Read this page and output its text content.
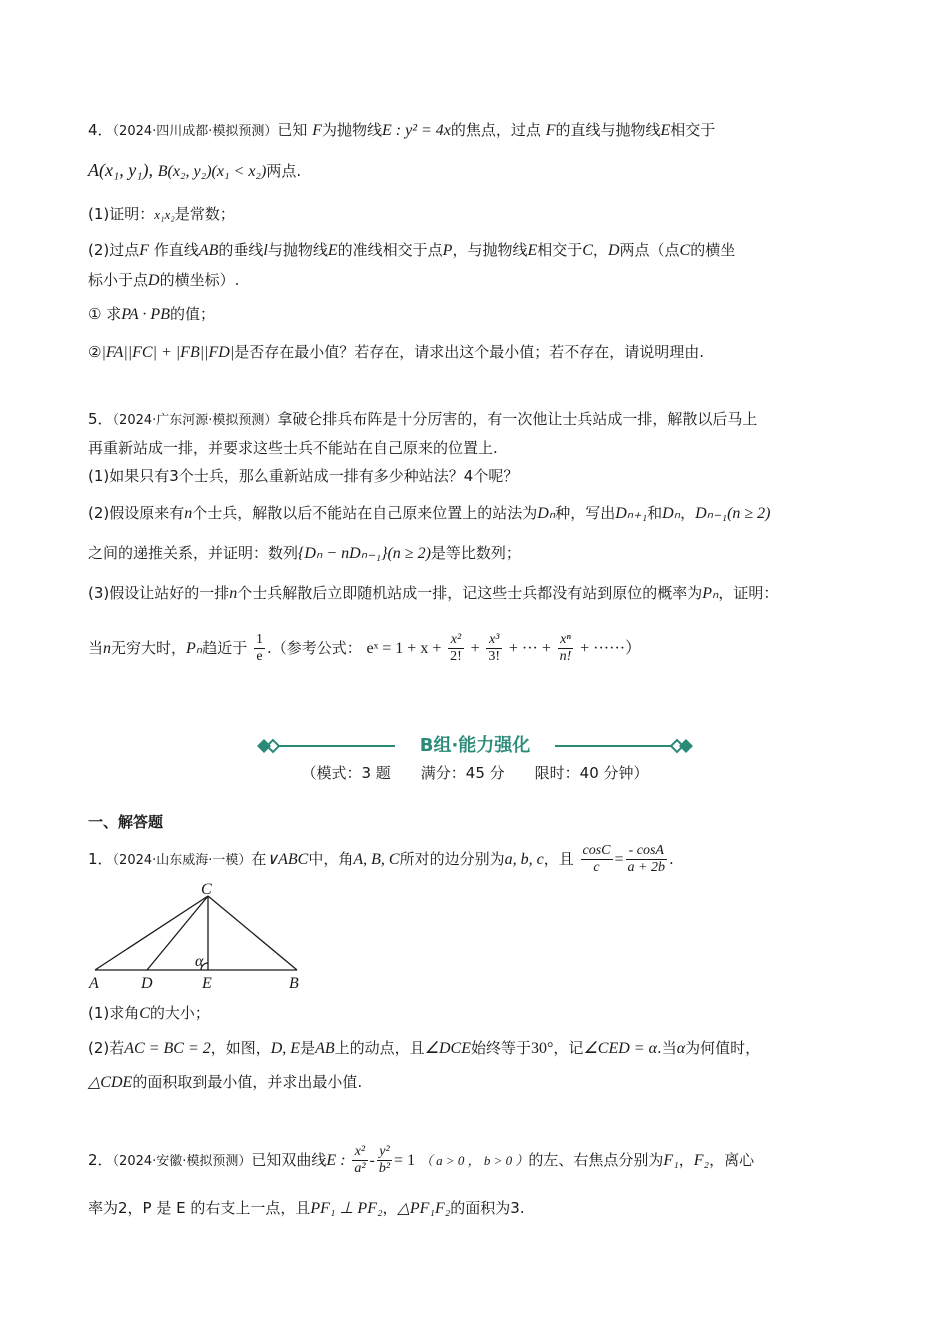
4．（2024·四川成都·模拟预测）已知 F为抛物线E : y² = 4x的焦点，过点 F的直线与抛物线E相交于
A(x₁, y₁), B(x₂, y₂)(x₁ < x₂)两点.
(1)证明：x₁x₂是常数；
(2)过点F 作直线AB的垂线l与抛物线E的准线相交于点P，与抛物线E相交于C，D两点（点C的横坐
标小于点D的横坐标）.
① 求PA · PB的值；
②|FA||FC| + |FB||FD|是否存在最小值？若存在，请求出这个最小值；若不存在，请说明理由.
5．（2024·广东河源·模拟预测）拿破仑排兵布阵是十分厉害的，有一次他让士兵站成一排，解散以后马上
再重新站成一排，并要求这些士兵不能站在自己原来的位置上.
(1)如果只有3个士兵，那么重新站成一排有多少种站法？4个呢？
(2)假设原来有n个士兵，解散以后不能站在自己原来位置上的站法为Dₙ种，写出Dₙ₊₁和Dₙ，Dₙ₋₁(n ≥ 2)
之间的递推关系，并证明：数列{Dₙ − nDₙ₋₁}(n ≥ 2)是等比数列；
(3)假设让站好的一排n个士兵解散后立即随机站成一排，记这些士兵都没有站到原位的概率为Pₙ，证明：
当n无穷大时，Pₙ趋近于 $\frac{1}{e}$ .（参考公式： eˣ = $1 + x + \frac{\text{x²}}{2!} + \frac{\text{x³}}{3!}$ + ··· + $\frac{\text{xⁿ}}{n!}$ + ······）
B组·能力强化
（模式：3 题　　满分：45 分　　限时：40 分钟）
一、解答题
1．（2024·山东威海·一模）在∨ABC中，角A, B, C所对的边分别为a, b, c，且 $\frac{\cos C}{c} = \frac{- \cos A}{a + 2b}$ .
C
A	D	E	B
α
(1)求角C的大小；
(2)若AC = BC = 2，如图，D, E是AB上的动点，且∠DCE始终等于30°，记∠CED = α.当α为何值时，
△CDE的面积取到最小值，并求出最小值.
2．（2024·安徽·模拟预测）已知双曲线E : $\frac{\text{x²}}{\text{a²}} - \frac{\text{y²}}{\text{b²}} = 1$ （ a > 0 ， b > 0 ）的左、右焦点分别为F₁，F₂，离心
率为2，P 是 E 的右支上一点，且PF₁ ⊥ PF₂，△PF₁F₂的面积为3.
